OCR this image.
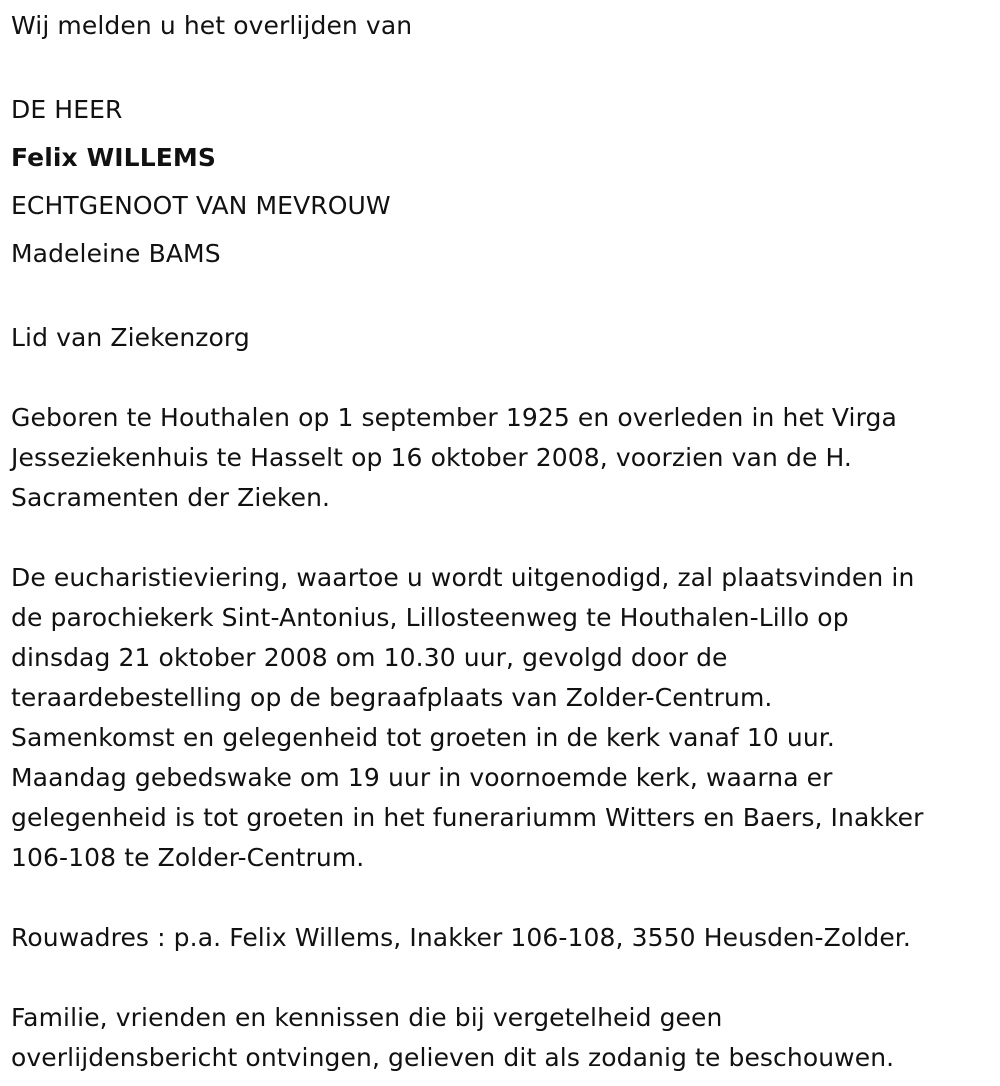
Wij melden u het overlijden van
DE HEER
Felix WILLEMS
ECHTGENOOT VAN MEVROUW
Madeleine BAMS
Lid van Ziekenzorg
Geboren te Houthalen op 1 september 1925 en overleden in het Virga
Jesseziekenhuis te Hasselt op 16 oktober 2008, voorzien van de H.
Sacramenten der Zieken.
De eucharistieviering, waartoe u wordt uitgenodigd, zal plaatsvinden in
de parochiekerk Sint-Antonius, Lillosteenweg te Houthalen-Lillo op
dinsdag 21 oktober 2008 om 10.30 uur, gevolgd door de
teraardebestelling op de begraafplaats van Zolder-Centrum.
Samenkomst en gelegenheid tot groeten in de kerk vanaf 10 uur.
Maandag gebedswake om 19 uur in voornoemde kerk, waarna er
gelegenheid is tot groeten in het funerariumm Witters en Baers, Inakker
106-108 te Zolder-Centrum.
Rouwadres : p.a. Felix Willems, Inakker 106-108, 3550 Heusden-Zolder.
Familie, vrienden en kennissen die bij vergetelheid geen
overlijdensbericht ontvingen, gelieven dit als zodanig te beschouwen.
